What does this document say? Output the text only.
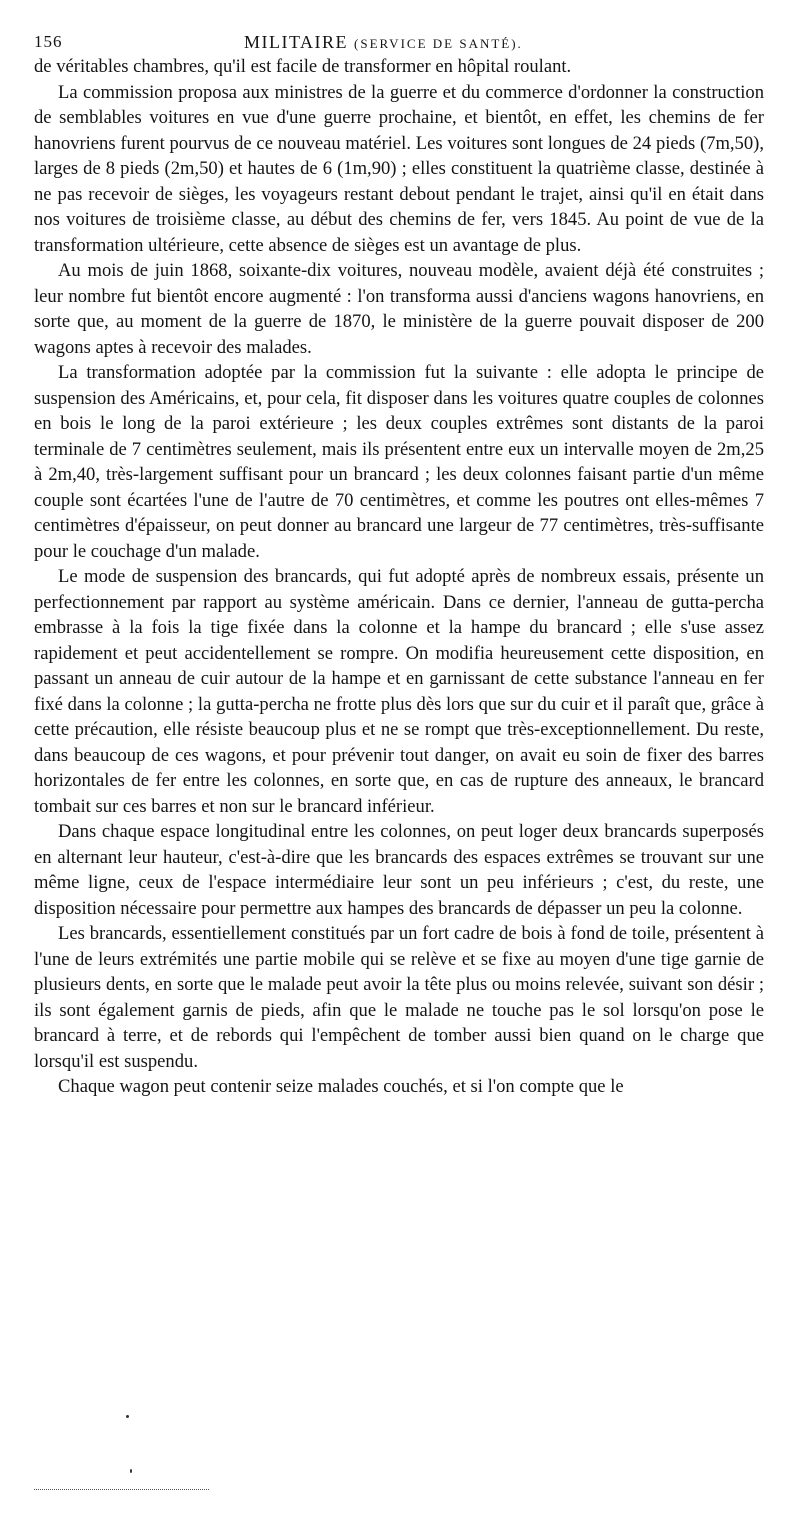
156	MILITAIRE (SERVICE DE SANTÉ).

de véritables chambres, qu'il est facile de transformer en hôpital roulant.

La commission proposa aux ministres de la guerre et du commerce d'ordonner la construction de semblables voitures en vue d'une guerre prochaine, et bientôt, en effet, les chemins de fer hanovriens furent pourvus de ce nouveau matériel. Les voitures sont longues de 24 pieds (7m,50), larges de 8 pieds (2m,50) et hautes de 6 (1m,90) ; elles constituent la quatrième classe, destinée à ne pas recevoir de sièges, les voyageurs restant debout pendant le trajet, ainsi qu'il en était dans nos voitures de troisième classe, au début des chemins de fer, vers 1845. Au point de vue de la transformation ultérieure, cette absence de sièges est un avantage de plus.

Au mois de juin 1868, soixante-dix voitures, nouveau modèle, avaient déjà été construites ; leur nombre fut bientôt encore augmenté : l'on transforma aussi d'anciens wagons hanovriens, en sorte que, au moment de la guerre de 1870, le ministère de la guerre pouvait disposer de 200 wagons aptes à recevoir des malades.

La transformation adoptée par la commission fut la suivante : elle adopta le principe de suspension des Américains, et, pour cela, fit disposer dans les voitures quatre couples de colonnes en bois le long de la paroi extérieure ; les deux couples extrêmes sont distants de la paroi terminale de 7 centimètres seulement, mais ils présentent entre eux un intervalle moyen de 2m,25 à 2m,40, très-largement suffisant pour un brancard ; les deux colonnes faisant partie d'un même couple sont écartées l'une de l'autre de 70 centimètres, et comme les poutres ont elles-mêmes 7 centimètres d'épaisseur, on peut donner au brancard une largeur de 77 centimètres, très-suffisante pour le couchage d'un malade.

Le mode de suspension des brancards, qui fut adopté après de nombreux essais, présente un perfectionnement par rapport au système américain. Dans ce dernier, l'anneau de gutta-percha embrasse à la fois la tige fixée dans la colonne et la hampe du brancard ; elle s'use assez rapidement et peut accidentellement se rompre. On modifia heureusement cette disposition, en passant un anneau de cuir autour de la hampe et en garnissant de cette substance l'anneau en fer fixé dans la colonne ; la gutta-percha ne frotte plus dès lors que sur du cuir et il paraît que, grâce à cette précaution, elle résiste beaucoup plus et ne se rompt que très-exceptionnellement. Du reste, dans beaucoup de ces wagons, et pour prévenir tout danger, on avait eu soin de fixer des barres horizontales de fer entre les colonnes, en sorte que, en cas de rupture des anneaux, le brancard tombait sur ces barres et non sur le brancard inférieur.

Dans chaque espace longitudinal entre les colonnes, on peut loger deux brancards superposés en alternant leur hauteur, c'est-à-dire que les brancards des espaces extrêmes se trouvant sur une même ligne, ceux de l'espace intermédiaire leur sont un peu inférieurs ; c'est, du reste, une disposition nécessaire pour permettre aux hampes des brancards de dépasser un peu la colonne.

Les brancards, essentiellement constitués par un fort cadre de bois à fond de toile, présentent à l'une de leurs extrémités une partie mobile qui se relève et se fixe au moyen d'une tige garnie de plusieurs dents, en sorte que le malade peut avoir la tête plus ou moins relevée, suivant son désir ; ils sont également garnis de pieds, afin que le malade ne touche pas le sol lorsqu'on pose le brancard à terre, et de rebords qui l'empêchent de tomber aussi bien quand on le charge que lorsqu'il est suspendu.

Chaque wagon peut contenir seize malades couchés, et si l'on compte que le
